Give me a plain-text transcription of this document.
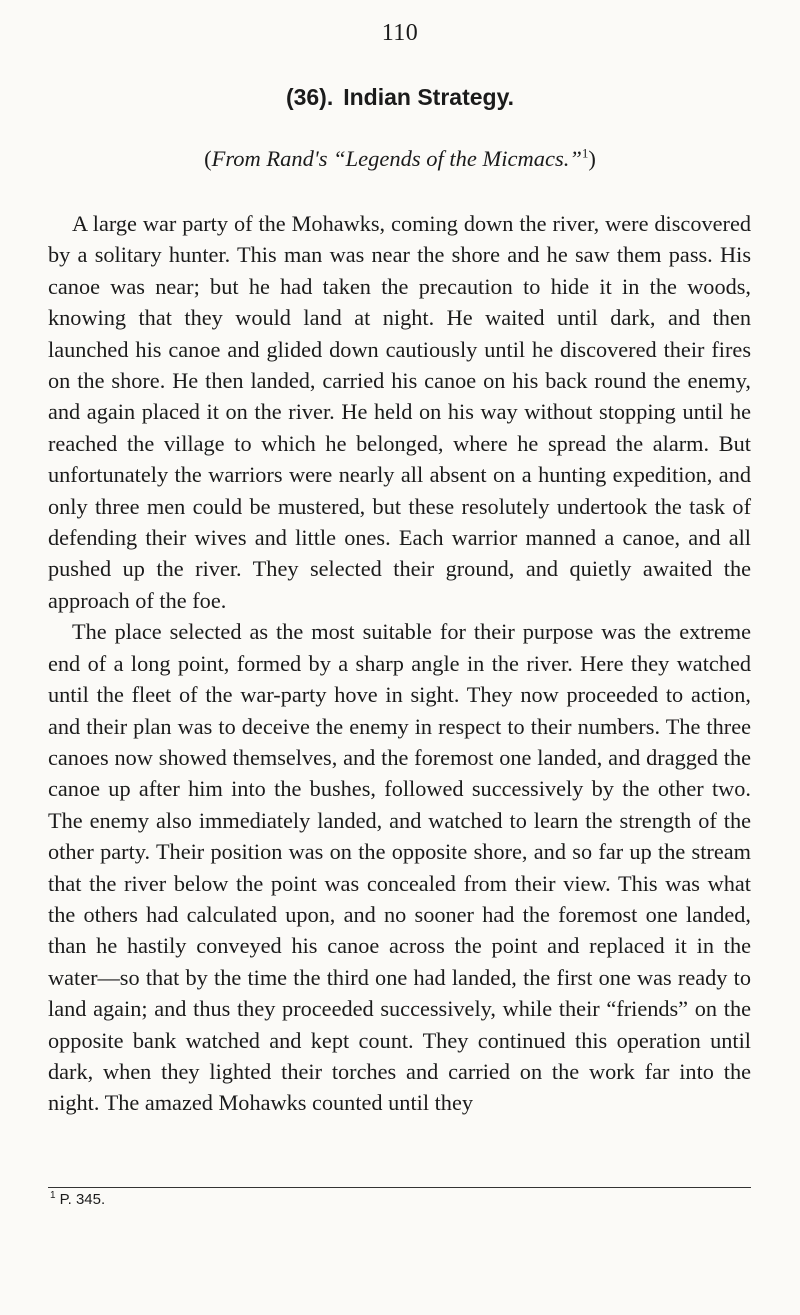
110
(36). Indian Strategy.
(From Rand's “Legends of the Micmacs.”$^1$)

A large war party of the Mohawks, coming down the river, were discovered by a solitary hunter. This man was near the shore and he saw them pass. His canoe was near; but he had taken the precaution to hide it in the woods, knowing that they would land at night. He waited until dark, and then launched his canoe and glided down cautiously until he discovered their fires on the shore. He then landed, carried his canoe on his back round the enemy, and again placed it on the river. He held on his way without stopping until he reached the village to which he belonged, where he spread the alarm. But unfortunately the warriors were nearly all absent on a hunting expedition, and only three men could be mustered, but these resolutely undertook the task of defending their wives and little ones. Each warrior manned a canoe, and all pushed up the river. They selected their ground, and quietly awaited the approach of the foe.

The place selected as the most suitable for their purpose was the extreme end of a long point, formed by a sharp angle in the river. Here they watched until the fleet of the war-party hove in sight. They now proceeded to action, and their plan was to deceive the enemy in respect to their numbers. The three canoes now showed themselves, and the foremost one landed, and dragged the canoe up after him into the bushes, followed successively by the other two. The enemy also immediately landed, and watched to learn the strength of the other party. Their position was on the opposite shore, and so far up the stream that the river below the point was concealed from their view. This was what the others had calculated upon, and no sooner had the foremost one landed, than he hastily conveyed his canoe across the point and replaced it in the water—so that by the time the third one had landed, the first one was ready to land again; and thus they proceeded successively, while their “friends” on the opposite bank watched and kept count. They continued this operation until dark, when they lighted their torches and carried on the work far into the night. The amazed Mohawks counted until they

$^1$ P. 345.
